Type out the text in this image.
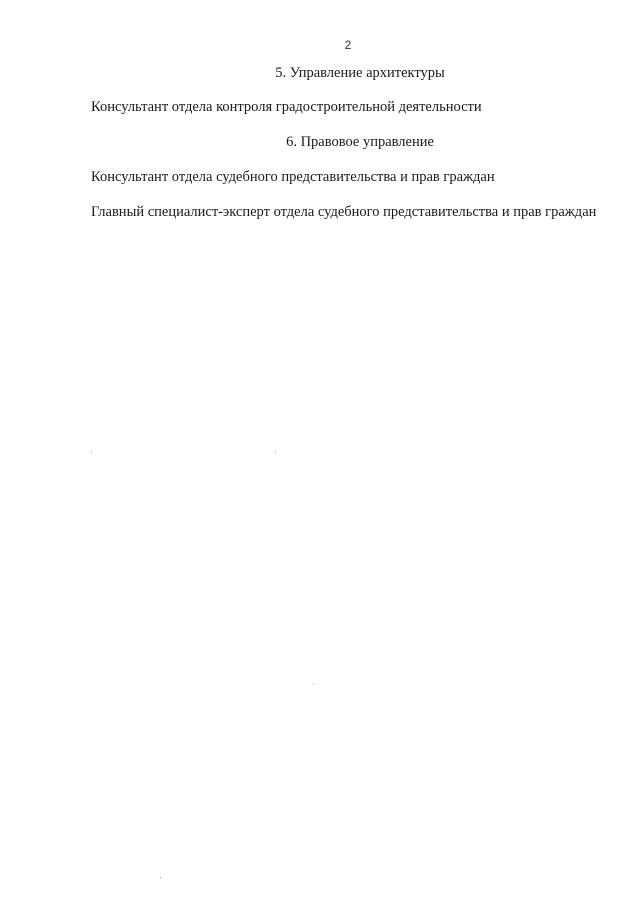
2
5. Управление архитектуры
Консультант отдела контроля градостроительной деятельности
6. Правовое управление
Консультант отдела судебного представительства и прав граждан
Главный специалист-эксперт отдела судебного представительства и прав граждан
